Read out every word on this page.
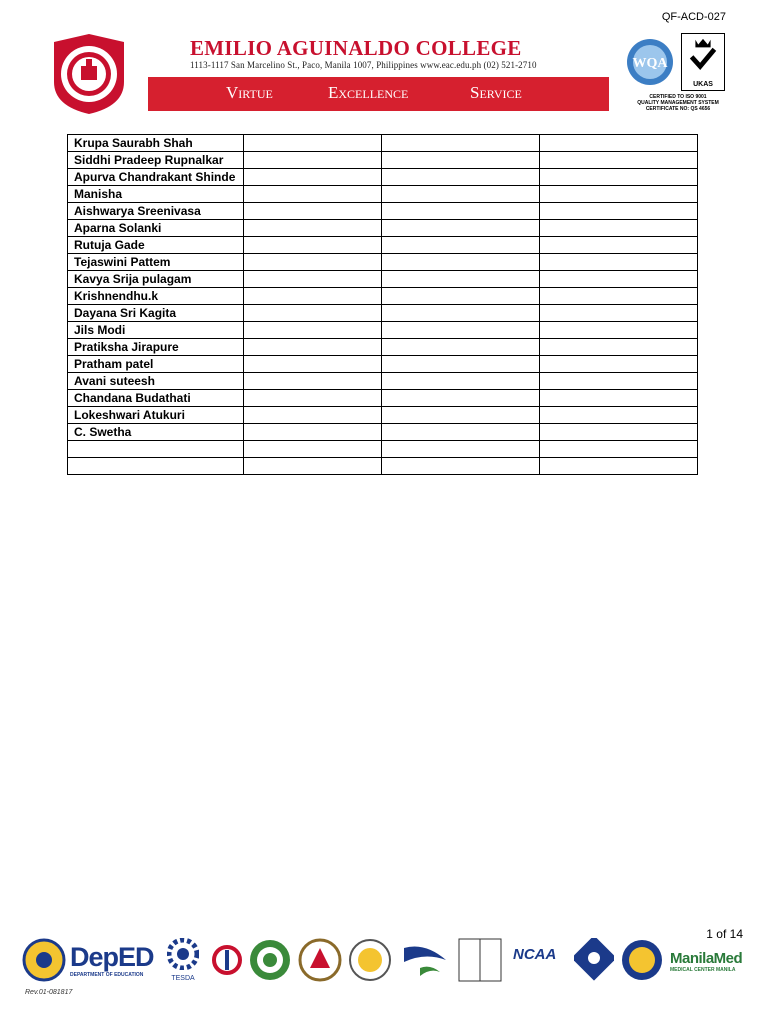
QF-ACD-027
EMILIO AGUINALDO COLLEGE
1113-1117 San Marcelino St., Paco, Manila 1007, Philippines www.eac.edu.ph (02) 521-2710
Virtue	Excellence	Service
WQA
UKAS
CERTIFIED TO ISO 9001
QUALITY MANAGEMENT SYSTEM
CERTIFICATE NO: QS 4656
Krupa Saurabh Shah			
Siddhi Pradeep Rupnalkar			
Apurva Chandrakant Shinde			
Manisha			
Aishwarya Sreenivasa			
Aparna Solanki			
Rutuja Gade			
Tejaswini Pattem			
Kavya Srija pulagam			
Krishnendhu.k			
Dayana Sri Kagita			
Jils Modi			
Pratiksha Jirapure			
Pratham patel			
Avani suteesh			
Chandana Budathati			
Lokeshwari Atukuri			
C. Swetha			

1 of 14
DepED
DEPARTMENT OF EDUCATION	TESDA
NCAA	ManilaMed
MEDICAL CENTER MANILA
Rev.01-081817
